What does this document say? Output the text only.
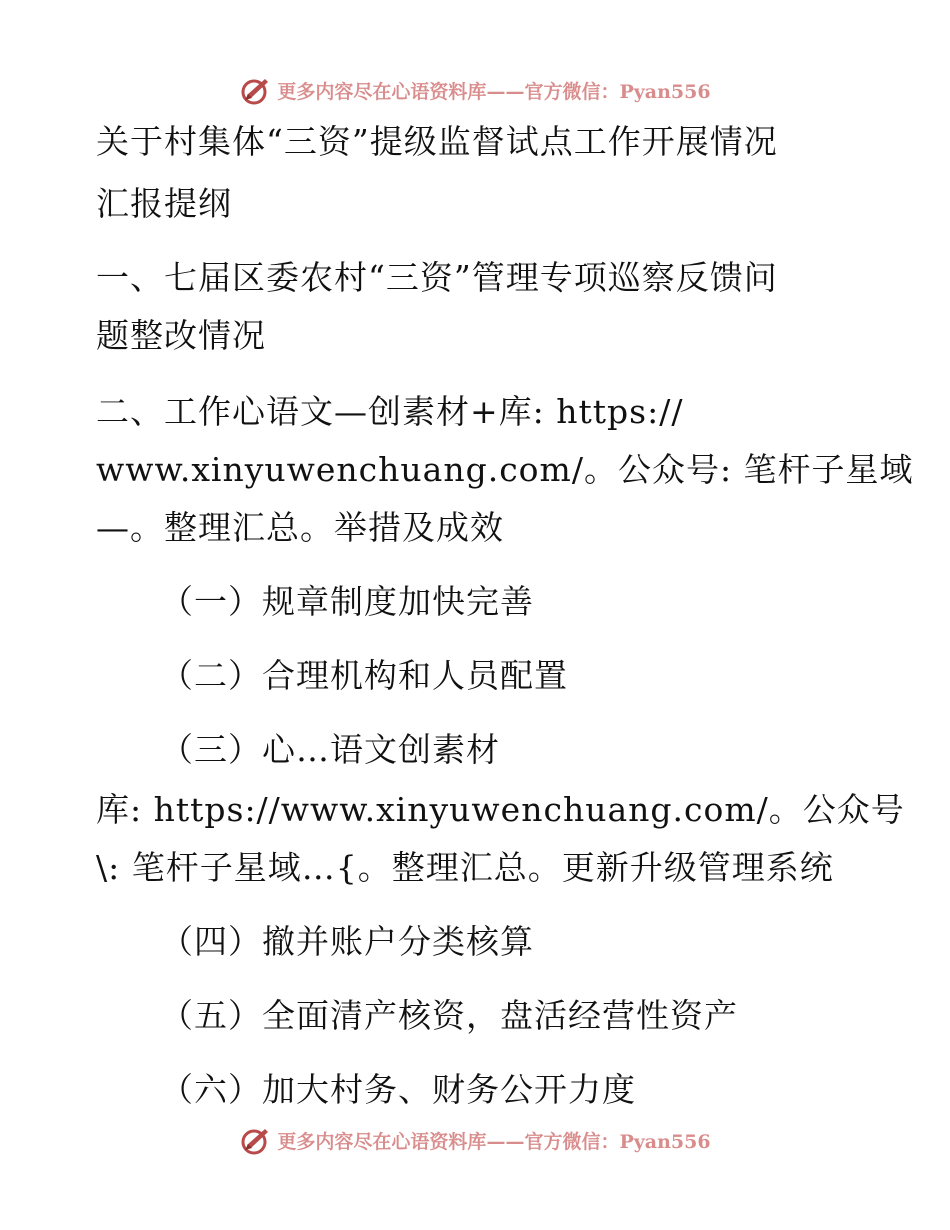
更多内容尽在心语资料库——官方微信：Pyan556
关于村集体“三资”提级监督试点工作开展情况
汇报提纲
一、七届区委农村“三资”管理专项巡察反馈问
题整改情况
二、工作心语文—创素材+库: https://
www.xinyuwenchuang.com/。公众号: 笔杆子星域
—。整理汇总。举措及成效
（一）规章制度加快完善
（二）合理机构和人员配置
（三）心…语文创素材
库: https://www.xinyuwenchuang.com/。公众号
\: 笔杆子星域…{。整理汇总。更新升级管理系统
（四）撤并账户分类核算
（五）全面清产核资，盘活经营性资产
（六）加大村务、财务公开力度
更多内容尽在心语资料库——官方微信：Pyan556
